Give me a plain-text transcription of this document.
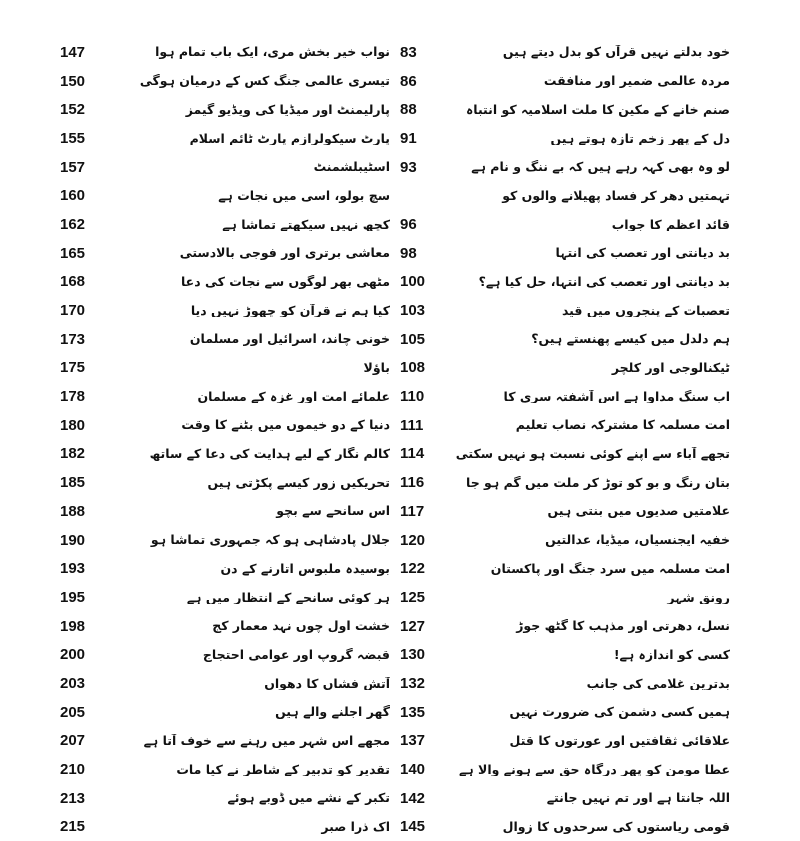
147	نواب خیر بخش مری، ایک باب تمام ہوا
150	تیسری عالمی جنگ کس کے درمیان ہوگی
152	پارلیمنٹ اور میڈیا کی ویڈیو گیمز
155	پارٹ سیکولرازم پارٹ ٹائم اسلام
157	اسٹیبلشمنٹ
160	سچ بولو، اسی میں نجات ہے
162	کچھ نہیں سیکھتے تماشا ہے
165	معاشی برتری اور فوجی بالادستی
168	مٹھی بھر لوگوں سے نجات کی دعا
170	کیا ہم نے قرآن کو چھوڑ نہیں دیا
173	خونی چاند، اسرائیل اور مسلمان
175	باؤلا
178	علمائے امت اور غزہ کے مسلمان
180	دنیا کے دو خیموں میں بٹنے کا وقت
182	کالم نگار کے لیے ہدایت کی دعا کے ساتھ
185	تحریکیں زور کیسے پکڑتی ہیں
188	اس سانحے سے بچو
190	جلال پادشاہی ہو کہ جمہوری تماشا ہو
193	بوسیدہ ملبوس اتارنے کے دن
195	ہر کوئی سانحے کے انتظار میں ہے
198	خشت اول چوں نہد معمار کج
200	قبضہ گروپ اور عوامی احتجاج
203	آتش فشاں کا دھواں
205	گھر اجلنے والے ہیں
207	مجھے اس شہر میں رہنے سے خوف آتا ہے
210	تقدیر کو تدبیر کے شاطر نے کیا مات
213	تکبر کے نشے میں ڈوبے ہوئے
215	اک ذرا صبر
83	خود بدلتے نہیں قرآں کو بدل دیتے ہیں
86	مردہ عالمی ضمیر اور منافقت
88	صنم خانے کے مکین کا ملت اسلامیہ کو انتباہ
91	دل کے پھر زخم تازہ ہوتے ہیں
93	لو وہ بھی کہہ رہے ہیں کہ بے ننگ و نام ہے
تہمتیں دھر کر فساد پھیلانے والوں کو
96	قائد اعظم کا جواب
98	بد دیانتی اور تعصب کی انتہا
100	بد دیانتی اور تعصب کی انتہا، حل کیا ہے؟
103	تعصبات کے پنجروں میں قید
105	ہم دلدل میں کیسے پھنستے ہیں؟
108	ٹیکنالوجی اور کلچر
110	اب سنگ مداوا ہے اس آشفتہ سری کا
111	امت مسلمہ کا مشترکہ نصاب تعلیم
114	تجھے آباء سے اپنے کوئی نسبت ہو نہیں سکتی
116	بتان رنگ و بو کو توڑ کر ملت میں گم ہو جا
117	علامتیں صدیوں میں بنتی ہیں
120	خفیہ ایجنسیاں، میڈیا، عدالتیں
122	امت مسلمہ میں سرد جنگ اور پاکستان
125	رونق شہر
127	نسل، دھرتی اور مذہب کا گٹھ جوڑ
130	کسی کو اندازہ ہے!
132	بدترین غلامی کی جانب
135	ہمیں کسی دشمن کی ضرورت نہیں
137	علاقائی ثقافتیں اور عورتوں کا قتل
140	عطا مومن کو پھر درگاہ حق سے ہونے والا ہے
142	اللہ جانتا ہے اور تم نہیں جانتے
145	قومی ریاستوں کی سرحدوں کا زوال
